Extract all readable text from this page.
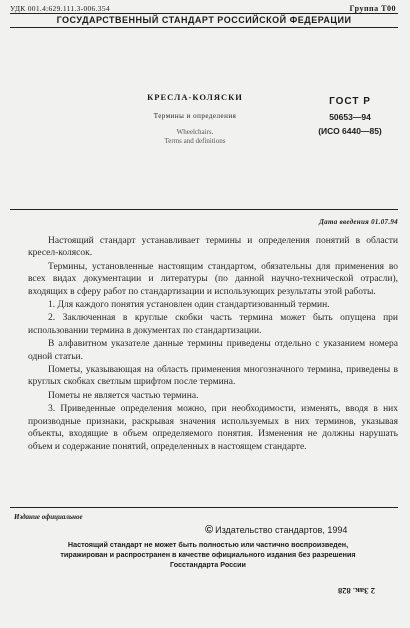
УДК 001.4:629.111.3-006.354	Группа Т00
ГОСУДАРСТВЕННЫЙ СТАНДАРТ РОССИЙСКОЙ ФЕДЕРАЦИИ
КРЕСЛА-КОЛЯСКИ
Термины и определения
Wheelchairs.
Terms and definitions
ГОСТ Р
50653—94
(ИСО 6440—85)
Дата введения 01.07.94

Настоящий стандарт устанавливает термины и определения понятий в области кресел-колясок.

Термины, установленные настоящим стандартом, обязательны для применения во всех видах документации и литературы (по данной научно-технической отрасли), входящих в сферу работ по стандартизации и использующих результаты этой работы.

1. Для каждого понятия установлен один стандартизованный термин.

2. Заключенная в круглые скобки часть термина может быть опущена при использовании термина в документах по стандартизации.

В алфавитном указателе данные термины приведены отдельно с указанием номера одной статьи.

Пометы, указывающая на область применения многозначного термина, приведены в круглых скобках светлым шрифтом после термина.

Пометы не является частью термина.

3. Приведенные определения можно, при необходимости, изменять, вводя в них производные признаки, раскрывая значения используемых в них терминов, указывая объекты, входящие в объем определяемого понятия. Изменения не должны нарушать объем и содержание понятий, определенных в настоящем стандарте.

Издание официальное
© Издательство стандартов, 1994
Настоящий стандарт не может быть полностью или частично воспроизведен,
тиражирован и распространен в качестве официального издания без разрешения
Госстандарта России
2 Зак. 828
